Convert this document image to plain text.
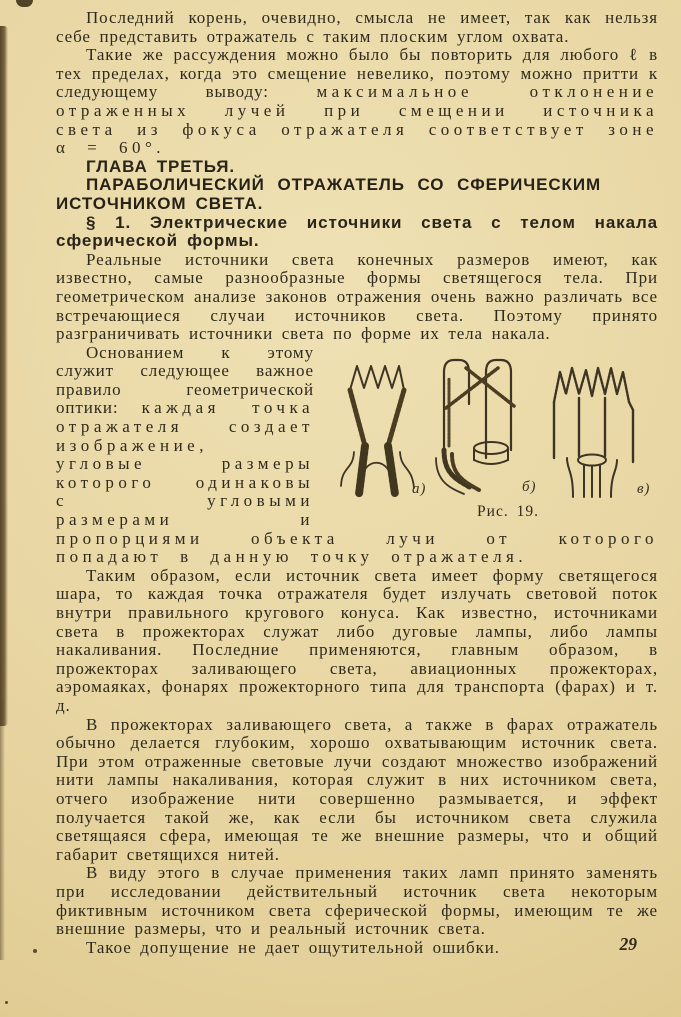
Последний корень, очевидно, смысла не имеет, так как нельзя себе представить отражатель с таким плоским углом охвата.

Такие же рассуждения можно было бы повторить для любого ℓ в тех пределах, когда это смещение невелико, поэтому можно притти к следующему выводу: максимальное отклонение отраженных лучей при смещении источника света из фокуса отражателя соответствует зоне α = 60°.

ГЛАВА ТРЕТЬЯ.

ПАРАБОЛИЧЕСКИЙ ОТРАЖАТЕЛЬ СО СФЕРИЧЕСКИМ ИСТОЧНИКОМ СВЕТА.

§ 1. Электрические источники света с телом накала сферической формы.

Реальные источники света конечных размеров имеют, как известно, самые разнообразные формы светящегося тела. При геометрическом анализе законов отражения очень важно различать все встречающиеся случаи источников света. Поэтому принято разграничивать источники света по форме их тела накала.

а)	б)	в)
Рис. 19.
Основанием к этому служит следующее важное правило геометрической оптики: каждая точка отражателя создает изображение, угловые размеры которого одинаковы с угловыми размерами и пропорциями объекта лучи от которого попадают в данную точку отражателя.

Таким образом, если источник света имеет форму светящегося шара, то каждая точка отражателя будет излучать световой поток внутри правильного кругового конуса. Как известно, источниками света в прожекторах служат либо дуговые лампы, либо лампы накаливания. Последние применяются, главным образом, в прожекторах заливающего света, авиационных прожекторах, аэромаяках, фонарях прожекторного типа для транспорта (фарах) и т. д.

В прожекторах заливающего света, а также в фарах отражатель обычно делается глубоким, хорошо охватывающим источник света. При этом отраженные световые лучи создают множество изображений нити лампы накаливания, которая служит в них источником света, отчего изображение нити совершенно размывается, и эффект получается такой же, как если бы источником света служила светящаяся сфера, имеющая те же внешние размеры, что и общий габарит светящихся нитей.

В виду этого в случае применения таких ламп принято заменять при исследовании действительный источник света некоторым фиктивным источником света сферической формы, имеющим те же внешние размеры, что и реальный источник света.

Такое допущение не дает ощутительной ошибки.	29
